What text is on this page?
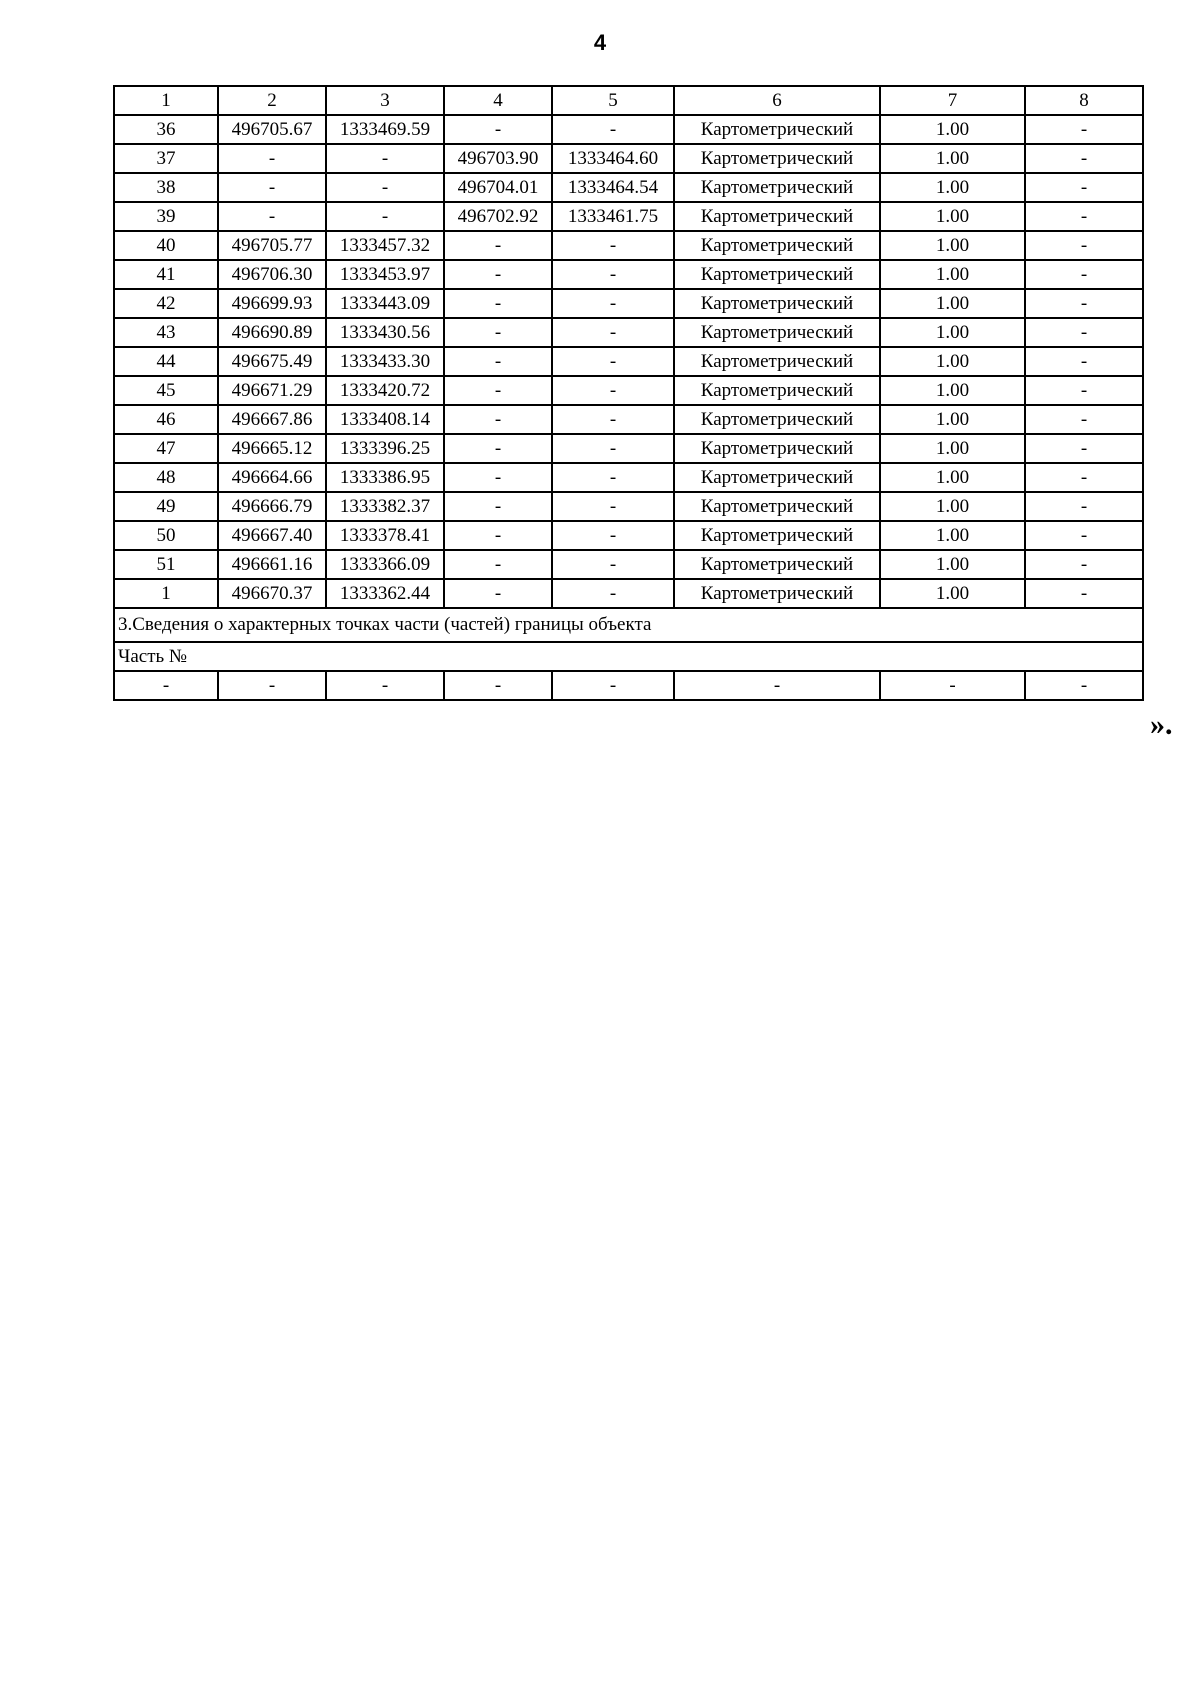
4
1	2	3	4	5	6	7	8
36	496705.67	1333469.59	-	-	Картометрический	1.00	-
37	-	-	496703.90	1333464.60	Картометрический	1.00	-
38	-	-	496704.01	1333464.54	Картометрический	1.00	-
39	-	-	496702.92	1333461.75	Картометрический	1.00	-
40	496705.77	1333457.32	-	-	Картометрический	1.00	-
41	496706.30	1333453.97	-	-	Картометрический	1.00	-
42	496699.93	1333443.09	-	-	Картометрический	1.00	-
43	496690.89	1333430.56	-	-	Картометрический	1.00	-
44	496675.49	1333433.30	-	-	Картометрический	1.00	-
45	496671.29	1333420.72	-	-	Картометрический	1.00	-
46	496667.86	1333408.14	-	-	Картометрический	1.00	-
47	496665.12	1333396.25	-	-	Картометрический	1.00	-
48	496664.66	1333386.95	-	-	Картометрический	1.00	-
49	496666.79	1333382.37	-	-	Картометрический	1.00	-
50	496667.40	1333378.41	-	-	Картометрический	1.00	-
51	496661.16	1333366.09	-	-	Картометрический	1.00	-
1	496670.37	1333362.44	-	-	Картометрический	1.00	-
3.Сведения о характерных точках части (частей) границы объекта							
Часть №							
-	-	-	-	-	-	-	-
».
